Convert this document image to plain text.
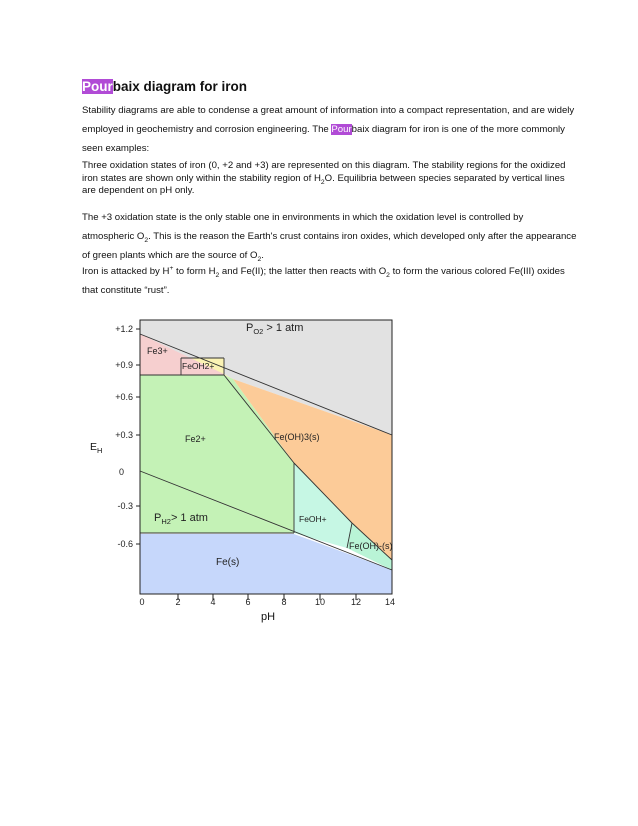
Pourbaix diagram for iron

Stability diagrams are able to condense a great amount of information into a compact representation, and are widely employed in geochemistry and corrosion engineering. The Pourbaix diagram for iron is one of the more commonly seen examples:

Three oxidation states of iron (0, +2 and +3) are represented on this diagram. The stability regions for the oxidized iron states are shown only within the stability region of $H_2O$. Equilibria between species separated by vertical lines are dependent on pH only.

The +3 oxidation state is the only stable one in environments in which the oxidation level is controlled by atmospheric $O_2$. This is the reason the Earth's crust contains iron oxides, which developed only after the appearance of green plants which are the source of $O_2$.

Iron is attacked by H+ to form $H_2$ and Fe(II); the latter then reacts with $O_2$ to form the various colored Fe(III) oxides that constitute “rust”.

+1.2
+0.9
+0.6
+0.3
0
-0.3
-0.6
0	2	4	6	8	10	12	14
$E_H$
pH
$P_{O2} > 1$ atm
Fe3+
FeOH2+
Fe2+	Fe(OH)3(s)
FeOH+
Fe(OH)-(s)
$P_{H2}> 1$ atm
Fe(s)
